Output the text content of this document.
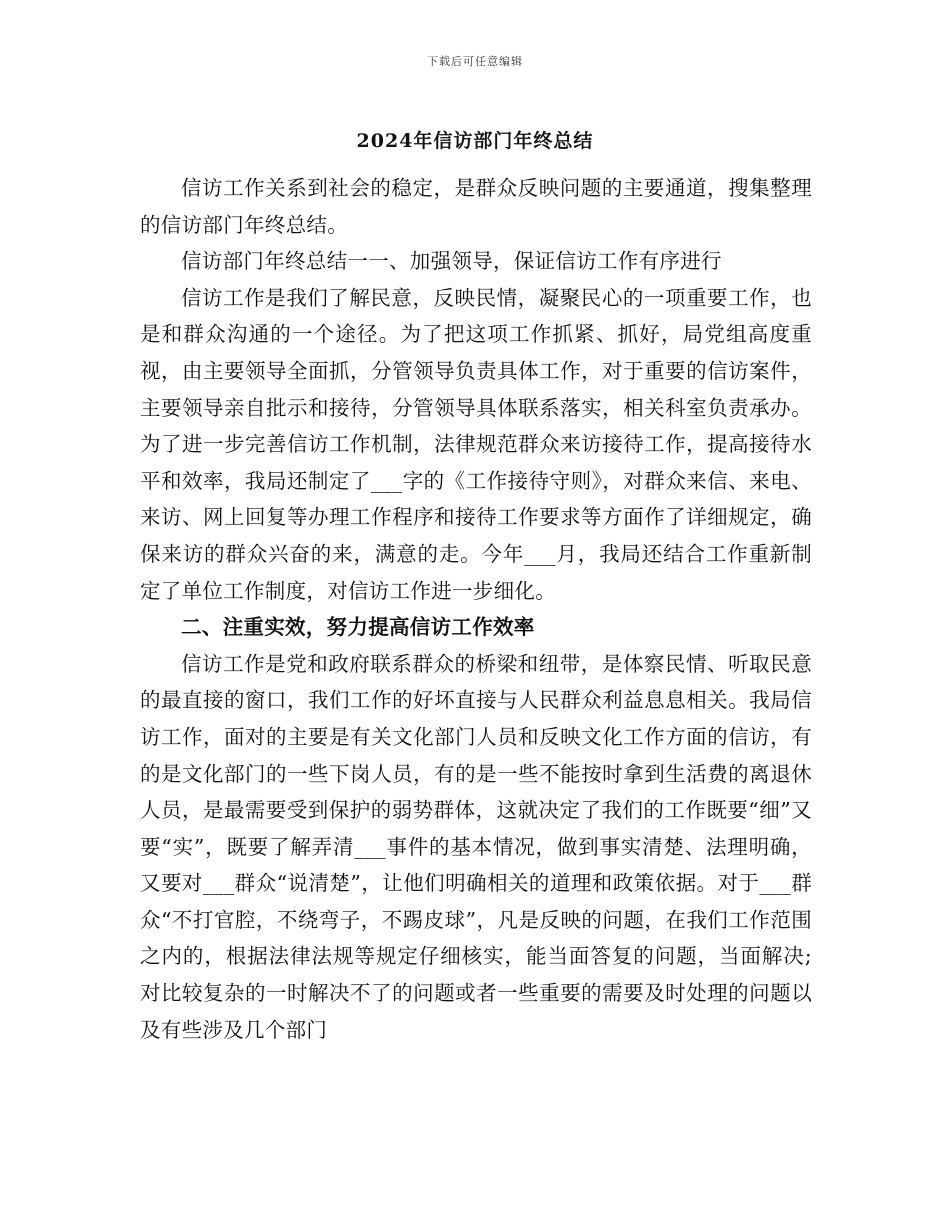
下载后可任意编辑
2024年信访部门年终总结

信访工作关系到社会的稳定，是群众反映问题的主要通道，搜集整理的信访部门年终总结。

信访部门年终总结一一、加强领导，保证信访工作有序进行

信访工作是我们了解民意，反映民情，凝聚民心的一项重要工作，也是和群众沟通的一个途径。为了把这项工作抓紧、抓好，局党组高度重视，由主要领导全面抓，分管领导负责具体工作，对于重要的信访案件，主要领导亲自批示和接待，分管领导具体联系落实，相关科室负责承办。为了进一步完善信访工作机制，法律规范群众来访接待工作，提高接待水平和效率，我局还制定了___字的《工作接待守则》，对群众来信、来电、来访、网上回复等办理工作程序和接待工作要求等方面作了详细规定，确保来访的群众兴奋的来，满意的走。今年___月，我局还结合工作重新制定了单位工作制度，对信访工作进一步细化。

二、注重实效，努力提高信访工作效率

信访工作是党和政府联系群众的桥梁和纽带，是体察民情、听取民意的最直接的窗口，我们工作的好坏直接与人民群众利益息息相关。我局信访工作，面对的主要是有关文化部门人员和反映文化工作方面的信访，有的是文化部门的一些下岗人员，有的是一些不能按时拿到生活费的离退休人员，是最需要受到保护的弱势群体，这就决定了我们的工作既要“细”又要“实”，既要了解弄清___事件的基本情况，做到事实清楚、法理明确，又要对___群众“说清楚”，让他们明确相关的道理和政策依据。对于___群众“不打官腔，不绕弯子，不踢皮球”，凡是反映的问题，在我们工作范围之内的，根据法律法规等规定仔细核实，能当面答复的问题，当面解决;对比较复杂的一时解决不了的问题或者一些重要的需要及时处理的问题以及有些涉及几个部门
